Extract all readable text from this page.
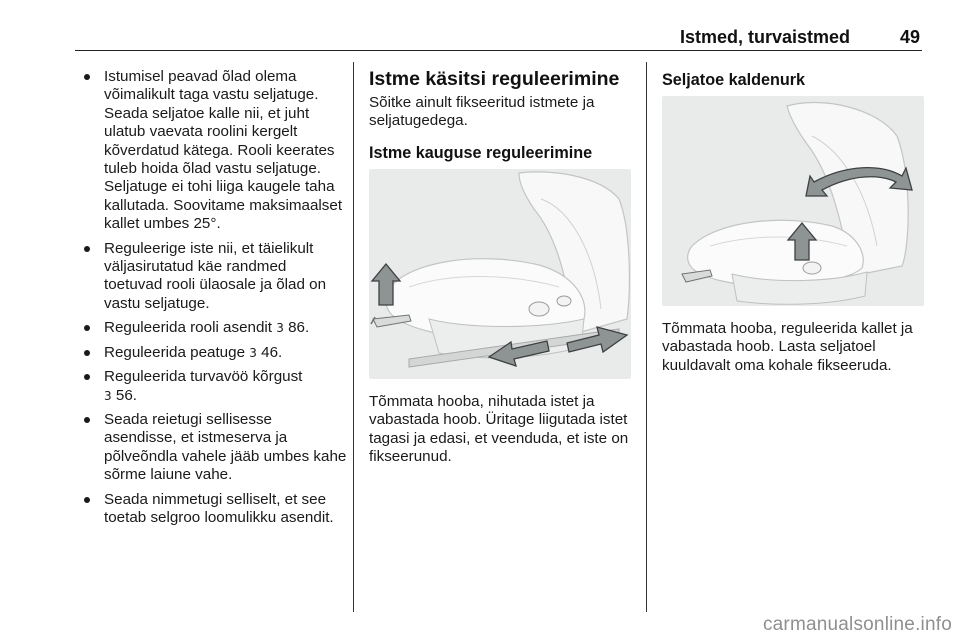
Istmed, turvaistmed	49
Istumisel peavad õlad olema võimalikult taga vastu seljatuge. Seada seljatoe kalle nii, et juht ulatub vaevata roolini kergelt kõverdatud kätega. Rooli keerates tuleb hoida õlad vastu seljatuge. Seljatuge ei tohi liiga kaugele taha kallutada. Soovitame maksimaalset kallet umbes 25°.
Reguleerige iste nii, et täielikult väljasirutatud käe randmed toetuvad rooli ülaosale ja õlad on vastu seljatuge.
Reguleerida rooli asendit 3 86.
Reguleerida peatuge 3 46.
Reguleerida turvavöö kõrgust
3 56.
Seada reietugi sellisesse asendisse, et istmeserva ja põlveõndla vahele jääb umbes kahe sõrme laiune vahe.
Seada nimmetugi selliselt, et see toetab selgroo loomulikku asendit.
Istme käsitsi reguleerimine

Sõitke ainult fikseeritud istmete ja seljatugedega.

Istme kauguse reguleerimine

Tõmmata hooba, nihutada istet ja vabastada hoob. Üritage liigutada istet tagasi ja edasi, et veenduda, et iste on fikseerunud.

Seljatoe kaldenurk

Tõmmata hooba, reguleerida kallet ja vabastada hoob. Lasta seljatoel kuuldavalt oma kohale fikseeruda.

carmanualsonline.info
